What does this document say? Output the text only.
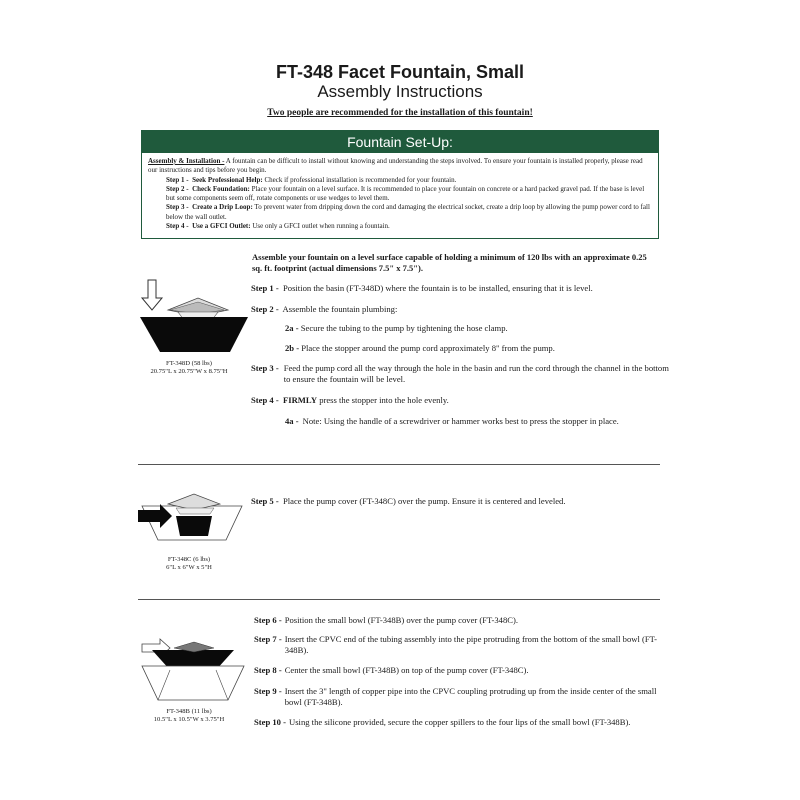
FT-348 Facet Fountain, Small
Assembly Instructions
Two people are recommended for the installation of this fountain!
Fountain Set-Up:

Assembly & Installation - A fountain can be difficult to install without knowing and understanding the steps involved. To ensure your fountain is installed properly, please read our instructions and tips before you begin.

Step 1 - Seek Professional Help: Check if professional installation is recommended for your fountain.

Step 2 - Check Foundation: Place your fountain on a level surface. It is recommended to place your fountain on concrete or a hard packed gravel pad. If the base is level but some components seem off, rotate components or use wedges to level them.

Step 3 - Create a Drip Loop: To prevent water from dripping down the cord and damaging the electrical socket, create a drip loop by allowing the pump power cord to fall below the wall outlet.

Step 4 - Use a GFCI Outlet: Use only a GFCI outlet when running a fountain.

Assemble your fountain on a level surface capable of holding a minimum of 120 lbs with an approximate 0.25 sq. ft. footprint (actual dimensions 7.5" x 7.5").
FT-348D (58 lbs)
20.75"L x 20.75"W x 8.75"H
Step 1 - Position the basin (FT-348D) where the fountain is to be installed, ensuring that it is level.
Step 2 - Assemble the fountain plumbing:
2a - Secure the tubing to the pump by tightening the hose clamp.
2b - Place the stopper around the pump cord approximately 8" from the pump.
Step 3 - Feed the pump cord all the way through the hole in the basin and run the cord through the channel in the bottom to ensure the fountain will be level.
Step 4 - FIRMLY press the stopper into the hole evenly.
4a - Note: Using the handle of a screwdriver or hammer works best to press the stopper in place.
FT-348C (6 lbs)
6"L x 6"W x 5"H
Step 5 - Place the pump cover (FT-348C) over the pump. Ensure it is centered and leveled.
FT-348B (11 lbs)
10.5"L x 10.5"W x 3.75"H
Step 6 - Position the small bowl (FT-348B) over the pump cover (FT-348C).
Step 7 - Insert the CPVC end of the tubing assembly into the pipe protruding from the bottom of the small bowl (FT-348B).
Step 8 - Center the small bowl (FT-348B) on top of the pump cover (FT-348C).
Step 9 - Insert the 3" length of copper pipe into the CPVC coupling protruding up from the inside center of the small bowl (FT-348B).
Step 10 - Using the silicone provided, secure the copper spillers to the four lips of the small bowl (FT-348B).
